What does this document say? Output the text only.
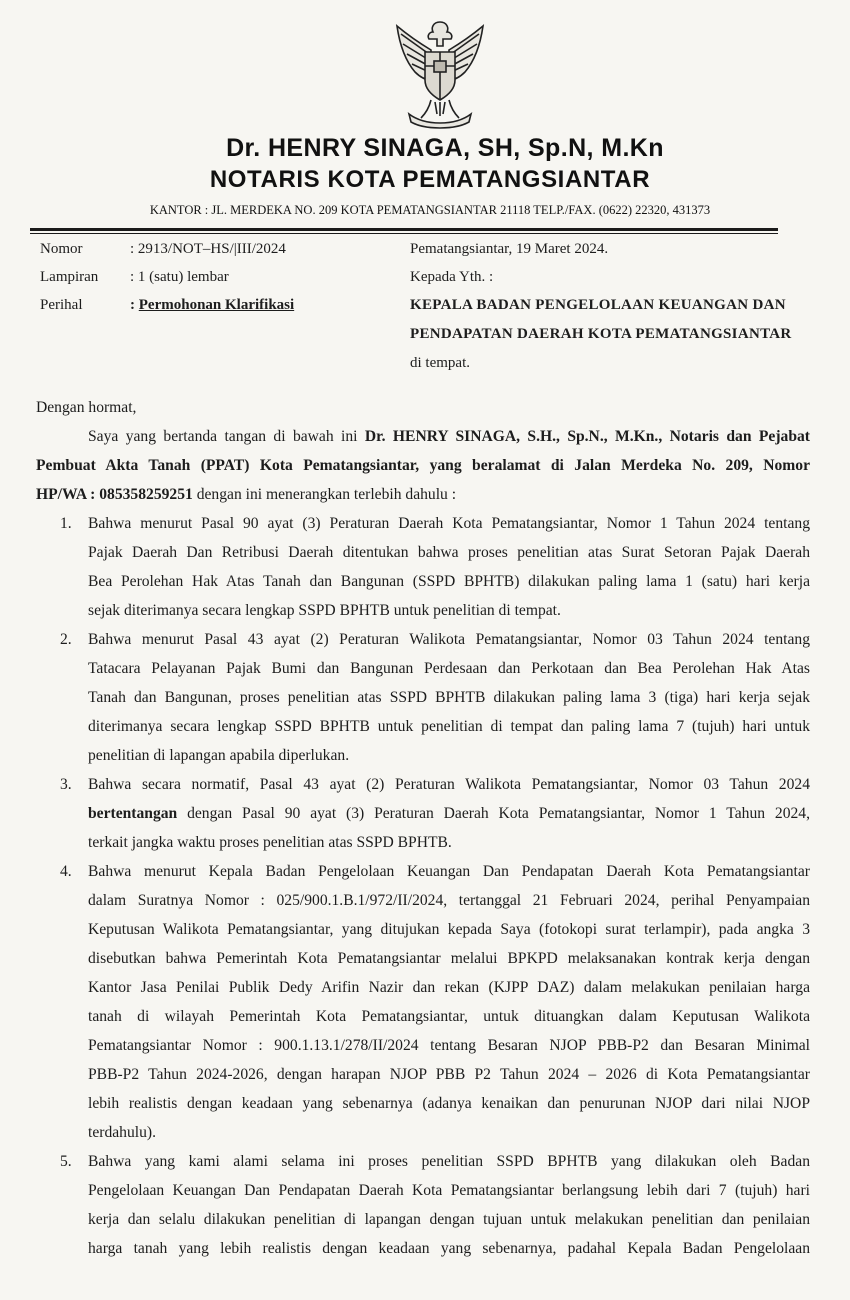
Dr. HENRY SINAGA, SH, Sp.N, M.Kn
NOTARIS KOTA PEMATANGSIANTAR
KANTOR : JL. MERDEKA NO. 209 KOTA PEMATANGSIANTAR 21118 TELP./FAX. (0622) 22320, 431373
Nomor	: 2913/NOT–HS/|III/2024
Lampiran : 1 (satu) lembar
Perihal	: Permohonan Klarifikasi
Pematangsiantar, 19 Maret 2024.
Kepada Yth. :
KEPALA BADAN PENGELOLAAN KEUANGAN DAN
PENDAPATAN DAERAH KOTA PEMATANGSIANTAR
di tempat.
Dengan hormat,
Saya yang bertanda tangan di bawah ini Dr. HENRY SINAGA, S.H., Sp.N., M.Kn., Notaris dan Pejabat
Pembuat Akta Tanah (PPAT) Kota Pematangsiantar, yang beralamat di Jalan Merdeka No. 209, Nomor
HP/WA : 085358259251 dengan ini menerangkan terlebih dahulu :
1. Bahwa menurut Pasal 90 ayat (3) Peraturan Daerah Kota Pematangsiantar, Nomor 1 Tahun 2024 tentang
Pajak Daerah Dan Retribusi Daerah ditentukan bahwa proses penelitian atas Surat Setoran Pajak Daerah
Bea Perolehan Hak Atas Tanah dan Bangunan (SSPD BPHTB) dilakukan paling lama 1 (satu) hari kerja
sejak diterimanya secara lengkap SSPD BPHTB untuk penelitian di tempat.
2. Bahwa menurut Pasal 43 ayat (2) Peraturan Walikota Pematangsiantar, Nomor 03 Tahun 2024 tentang
Tatacara Pelayanan Pajak Bumi dan Bangunan Perdesaan dan Perkotaan dan Bea Perolehan Hak Atas
Tanah dan Bangunan, proses penelitian atas SSPD BPHTB dilakukan paling lama 3 (tiga) hari kerja sejak
diterimanya secara lengkap SSPD BPHTB untuk penelitian di tempat dan paling lama 7 (tujuh) hari untuk
penelitian di lapangan apabila diperlukan.
3. Bahwa secara normatif, Pasal 43 ayat (2) Peraturan Walikota Pematangsiantar, Nomor 03 Tahun 2024
bertentangan dengan Pasal 90 ayat (3) Peraturan Daerah Kota Pematangsiantar, Nomor 1 Tahun 2024,
terkait jangka waktu proses penelitian atas SSPD BPHTB.
4. Bahwa menurut Kepala Badan Pengelolaan Keuangan Dan Pendapatan Daerah Kota Pematangsiantar
dalam Suratnya Nomor : 025/900.1.B.1/972/II/2024, tertanggal 21 Februari 2024, perihal Penyampaian
Keputusan Walikota Pematangsiantar, yang ditujukan kepada Saya (fotokopi surat terlampir), pada angka 3
disebutkan bahwa Pemerintah Kota Pematangsiantar melalui BPKPD melaksanakan kontrak kerja dengan
Kantor Jasa Penilai Publik Dedy Arifin Nazir dan rekan (KJPP DAZ) dalam melakukan penilaian harga
tanah di wilayah Pemerintah Kota Pematangsiantar, untuk dituangkan dalam Keputusan Walikota
Pematangsiantar Nomor : 900.1.13.1/278/II/2024 tentang Besaran NJOP PBB-P2 dan Besaran Minimal
PBB-P2 Tahun 2024-2026, dengan harapan NJOP PBB P2 Tahun 2024 – 2026 di Kota Pematangsiantar
lebih realistis dengan keadaan yang sebenarnya (adanya kenaikan dan penurunan NJOP dari nilai NJOP
terdahulu).
5. Bahwa yang kami alami selama ini proses penelitian SSPD BPHTB yang dilakukan oleh Badan
Pengelolaan Keuangan Dan Pendapatan Daerah Kota Pematangsiantar berlangsung lebih dari 7 (tujuh) hari
kerja dan selalu dilakukan penelitian di lapangan dengan tujuan untuk melakukan penelitian dan penilaian
harga tanah yang lebih realistis dengan keadaan yang sebenarnya, padahal Kepala Badan Pengelolaan
